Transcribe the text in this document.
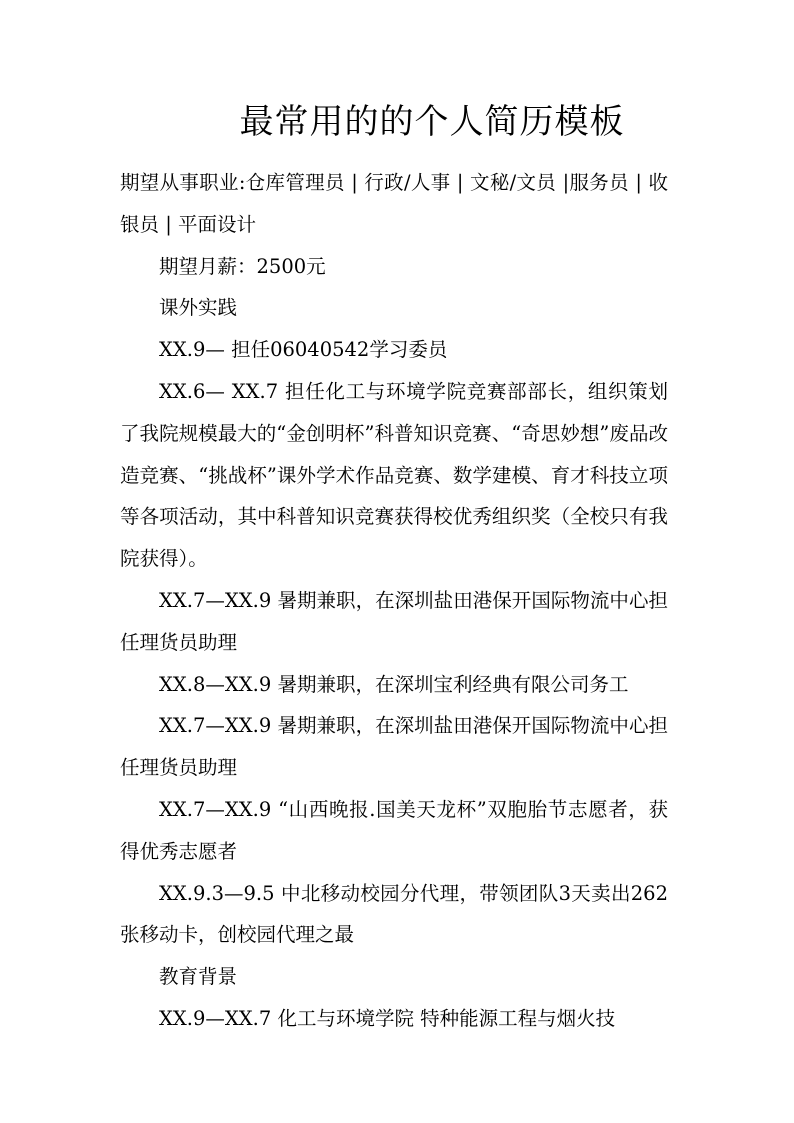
最常用的的个人简历模板

期望从事职业:仓库管理员 | 行政/人事 | 文秘/文员 |服务员 | 收银员 | 平面设计

期望月薪：2500元

课外实践

XX.9— 担任06040542学习委员

XX.6— XX.7 担任化工与环境学院竞赛部部长，组织策划了我院规模最大的“金创明杯”科普知识竞赛、“奇思妙想”废品改造竞赛、“挑战杯”课外学术作品竞赛、数学建模、育才科技立项等各项活动，其中科普知识竞赛获得校优秀组织奖（全校只有我院获得）。

XX.7—XX.9 暑期兼职，在深圳盐田港保开国际物流中心担任理货员助理

XX.8—XX.9 暑期兼职，在深圳宝利经典有限公司务工

XX.7—XX.9 暑期兼职，在深圳盐田港保开国际物流中心担任理货员助理

XX.7—XX.9 “山西晚报.国美天龙杯”双胞胎节志愿者，获得优秀志愿者

XX.9.3—9.5 中北移动校园分代理，带领团队3天卖出262张移动卡，创校园代理之最

教育背景

XX.9—XX.7 化工与环境学院 特种能源工程与烟火技
